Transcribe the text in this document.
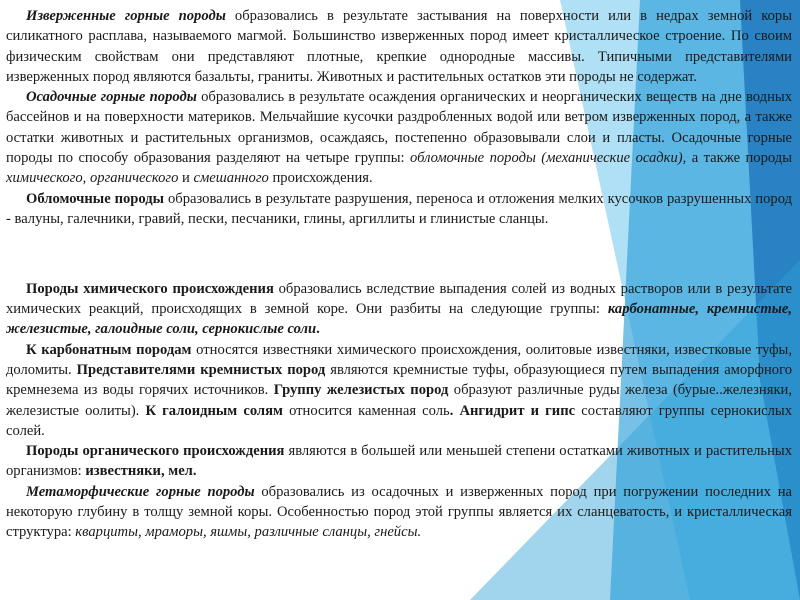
Изверженные горные породы образовались в результате застывания на поверхности или в недрах земной коры силикатного расплава, называемого магмой. Большинство изверженных пород имеет кристаллическое строение. По своим физическим свойствам они представляют плотные, крепкие однородные массивы. Типичными представителями изверженных пород являются базальты, граниты. Животных и растительных остатков эти породы не содержат.

Осадочные горные породы образовались в результате осаждения органических и неорганических веществ на дне водных бассейнов и на поверхности материков. Мельчайшие кусочки раздробленных водой или ветром изверженных пород, а также остатки животных и растительных организмов, осаждаясь, постепенно образовывали слои и пласты. Осадочные горные породы по способу образования разделяют на четыре группы: обломочные породы (механические осадки), а также породы химического, органического и смешанного происхождения.

Обломочные породы образовались в результате разрушения, переноса и отложения мелких кусочков разрушенных пород - валуны, галечники, гравий, пески, песчаники, глины, аргиллиты и глинистые сланцы.

Породы химического происхождения образовались вследствие выпадения солей из водных растворов или в результате химических реакций, происходящих в земной коре. Они разбиты на следующие группы: карбонатные, кремнистые, железистые, галоидные соли, сернокислые соли.

К карбонатным породам относятся известняки химического происхождения, оолитовые известняки, известковые туфы, доломиты. Представителями кремнистых пород являются кремнистые туфы, образующиеся путем выпадения аморфного кремнезема из воды горячих источников. Группу железистых пород образуют различные руды железа (бурые..железняки, железистые оолиты). К галоидным солям относится каменная соль. Ангидрит и гипс составляют группы сернокислых солей.

Породы органического происхождения являются в большей или меньшей степени остатками животных и растительных организмов: известняки, мел.

Метаморфические горные породы образовались из осадочных и изверженных пород при погружении последних на некоторую глубину в толщу земной коры. Особенностью пород этой группы является их сланцеватость, и кристаллическая структура: кварциты, мраморы, яшмы, различные сланцы, гнейсы.
